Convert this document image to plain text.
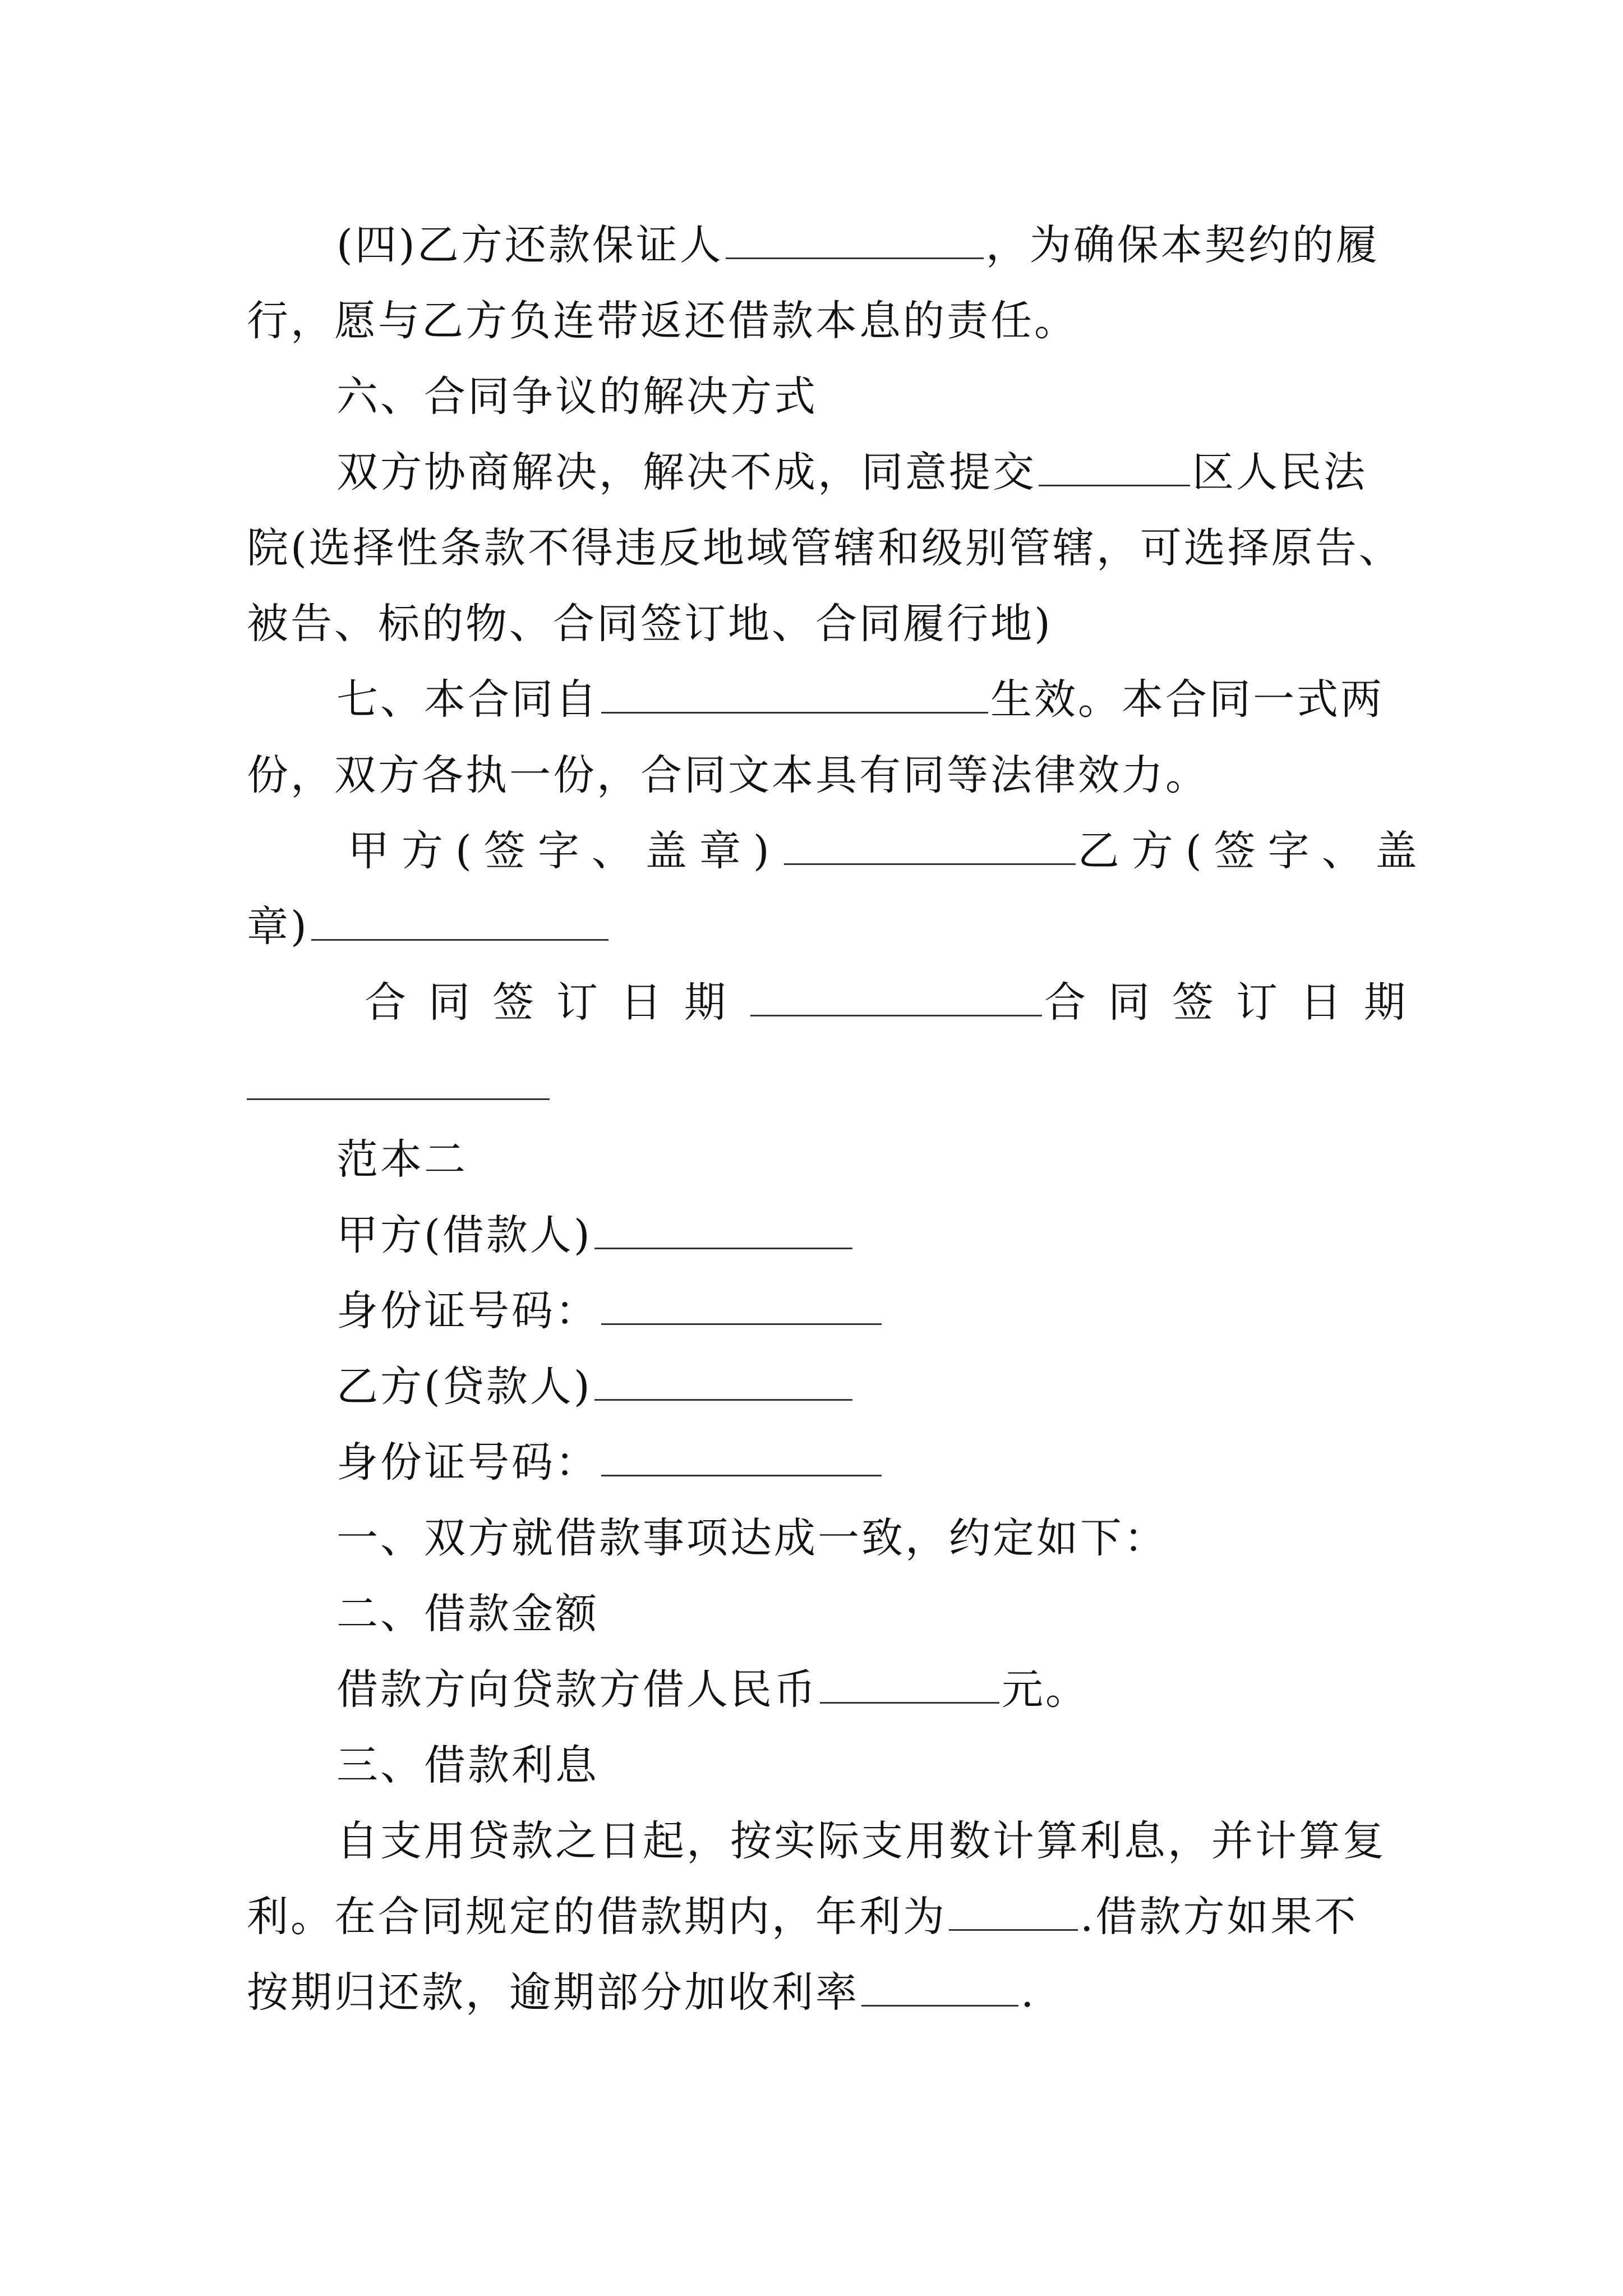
(四)乙方还款保证人	，为确保本契约的履
行，愿与乙方负连带返还借款本息的责任。
六、合同争议的解决方式
双方协商解决，解决不成，同意提交	区人民法
院(选择性条款不得违反地域管辖和级别管辖，可选择原告、
被告、标的物、合同签订地、合同履行地)
七、本合同自	生效。本合同一式两
份，双方各执一份，合同文本具有同等法律效力。
甲方(签字、盖章)	乙方(签字、盖
章)
合同签订日期	合同签订日期
范本二
甲方(借款人)
身份证号码：
乙方(贷款人)
身份证号码：
一、双方就借款事项达成一致，约定如下：
二、借款金额
借款方向贷款方借人民币	元。
三、借款利息
自支用贷款之日起，按实际支用数计算利息，并计算复
利。在合同规定的借款期内，年利为	.借款方如果不
按期归还款，逾期部分加收利率	.
